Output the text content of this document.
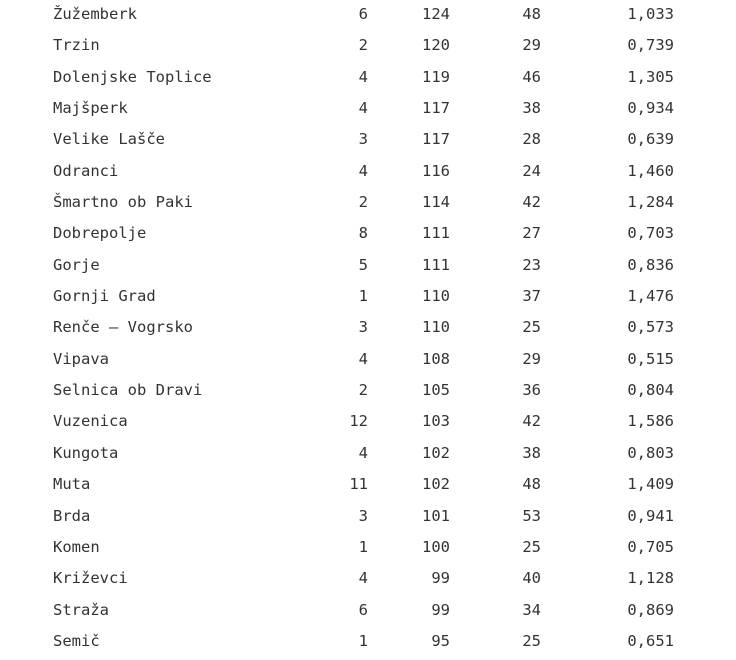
Žužemberk	6	124	48	1,033
Trzin	2	120	29	0,739
Dolenjske Toplice	4	119	46	1,305
Majšperk	4	117	38	0,934
Velike Lašče	3	117	28	0,639
Odranci	4	116	24	1,460
Šmartno ob Paki	2	114	42	1,284
Dobrepolje	8	111	27	0,703
Gorje	5	111	23	0,836
Gornji Grad	1	110	37	1,476
Renče – Vogrsko	3	110	25	0,573
Vipava	4	108	29	0,515
Selnica ob Dravi	2	105	36	0,804
Vuzenica	12	103	42	1,586
Kungota	4	102	38	0,803
Muta	11	102	48	1,409
Brda	3	101	53	0,941
Komen	1	100	25	0,705
Križevci	4	99	40	1,128
Straža	6	99	34	0,869
Semič	1	95	25	0,651
